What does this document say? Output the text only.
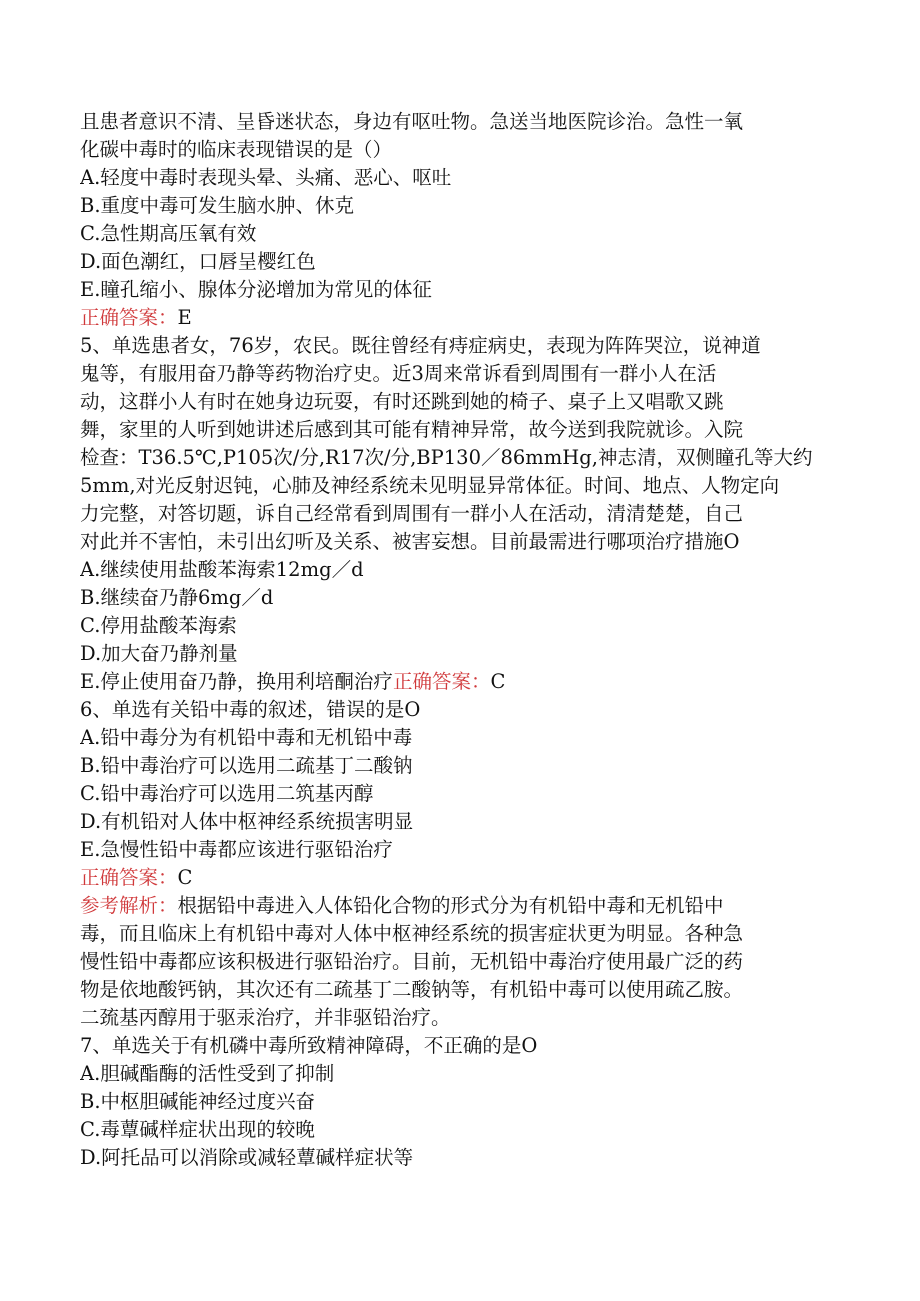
且患者意识不清、呈昏迷状态，身边有呕吐物。急送当地医院诊治。急性一氧
化碳中毒时的临床表现错误的是（）
A.轻度中毒时表现头晕、头痛、恶心、呕吐
B.重度中毒可发生脑水肿、休克
C.急性期高压氧有效
D.面色潮红，口唇呈樱红色
E.瞳孔缩小、腺体分泌增加为常见的体征
正确答案：E
5、单选患者女，76岁，农民。既往曾经有痔症病史，表现为阵阵哭泣，说神道
鬼等，有服用奋乃静等药物治疗史。近3周来常诉看到周围有一群小人在活
动，这群小人有时在她身边玩耍，有时还跳到她的椅子、桌子上又唱歌又跳
舞，家里的人听到她讲述后感到其可能有精神异常，故今送到我院就诊。入院
检查：T36.5℃,P105次/分,R17次/分,BP130／86mmHg,神志清，双侧瞳孔等大约
5mm,对光反射迟钝，心肺及神经系统未见明显异常体征。时间、地点、人物定向
力完整，对答切题，诉自己经常看到周围有一群小人在活动，清清楚楚，自己
对此并不害怕，未引出幻听及关系、被害妄想。目前最需进行哪项治疗措施O
A.继续使用盐酸苯海索12mg／d
B.继续奋乃静6mg／d
C.停用盐酸苯海索
D.加大奋乃静剂量
E.停止使用奋乃静，换用利培酮治疗正确答案：C
6、单选有关铅中毒的叙述，错误的是O
A.铅中毒分为有机铅中毒和无机铅中毒
B.铅中毒治疗可以选用二疏基丁二酸钠
C.铅中毒治疗可以选用二筑基丙醇
D.有机铅对人体中枢神经系统损害明显
E.急慢性铅中毒都应该进行驱铅治疗
正确答案：C
参考解析：根据铅中毒进入人体铅化合物的形式分为有机铅中毒和无机铅中
毒，而且临床上有机铅中毒对人体中枢神经系统的损害症状更为明显。各种急
慢性铅中毒都应该积极进行驱铅治疗。目前，无机铅中毒治疗使用最广泛的药
物是依地酸钙钠，其次还有二疏基丁二酸钠等，有机铅中毒可以使用疏乙胺。
二巯基丙醇用于驱汞治疗，并非驱铅治疗。
7、单选关于有机磷中毒所致精神障碍，不正确的是O
A.胆碱酯酶的活性受到了抑制
B.中枢胆碱能神经过度兴奋
C.毒蕈碱样症状出现的较晚
D.阿托品可以消除或减轻蕈碱样症状等
